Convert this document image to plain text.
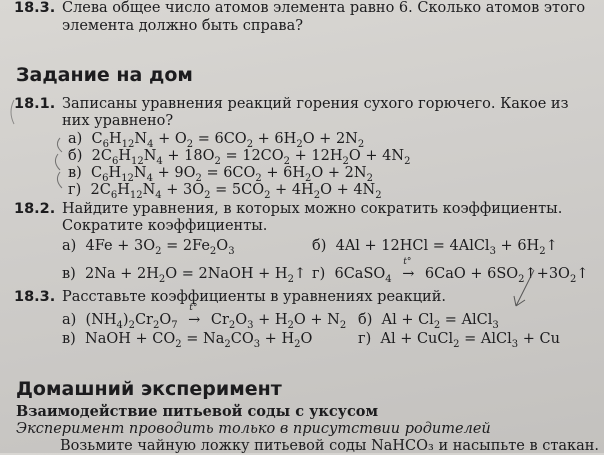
18.3. Слева общее число атомов элемента равно 6. Сколько атомов этого
элемента должно быть справа?
Задание на дом
18.1. Записаны уравнения реакций горения сухого горючего. Какое из
них уравнено?
а)  $C_6H_{12}N_4 + O_2 = 6CO_2 + 6H_2O + 2N_2$
б)  $2C_6H_{12}N_4 + 18O_2 = 12CO_2 + 12H_2O + 4N_2$
в)  $C_6H_{12}N_4 + 9O_2 = 6CO_2 + 6H_2O + 2N_2$
г)  $2C_6H_{12}N_4 + 3O_2 = 5CO_2 + 4H_2O + 4N_2$
18.2. Найдите уравнения, в которых можно сократить коэффициенты.
Сократите коэффициенты.
а)  $4Fe + 3O_2 = 2Fe_2O_3$	б)  4Al + 12HCl = 4AlCl$_3$ + $6H_2↑$
в)  $2Na + 2H_2O$ = 2NaOH + $H_2↑$ г)  6CaSO$_4$ →
t°
$6CaO + 6SO_2↑+3O_2↑$
18.3. Расставьте коэффициенты в уравнениях реакций.
а)  $(NH_4)_2Cr_2O_7$ →
t°
$Cr_2O_3 + H_2O + N_2$ б)  $Al + Cl_2$ = AlCl$_3$
в)  NaOH + $CO_2 = Na_2CO_3 + H_2O$	г)  Al + CuCl$_2$ = AlCl$_3$ + Cu
Домашний эксперимент
Взаимодействие питьевой соды с уксусом
Эксперимент проводить только в присутствии родителей
Возьмите чайную ложку питьевой соды NaHCO₃ и насыпьте в стакан.
